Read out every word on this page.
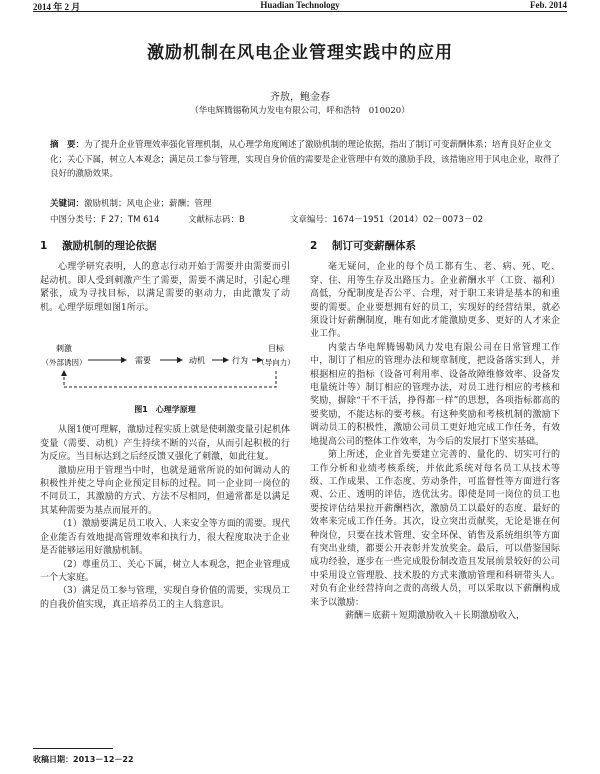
2014 年 2 月	Huadian Technology	Feb. 2014
激励机制在风电企业管理实践中的应用
齐敖，鲍金春
（华电辉腾锡勒风力发电有限公司，呼和浩特　010020）
摘　要：为了提升企业管理效率强化管理机制，从心理学角度阐述了激励机制的理论依据，指出了制订可变薪酬体系；培育良好企业文化；关心下属，树立人本观念；满足员工参与管理，实现自身价值的需要是企业管理中有效的激励手段，该措施应用于风电企业，取得了良好的激励效果。
关键词：激励机制；风电企业；薪酬；管理
中图分类号：F 27；TM 614	文献标志码：B	文章编号：1674－1951（2014）02－0073－02
1 激励机制的理论依据

心理学研究表明，人的意志行动开始于需要并由需要而引起动机。即人受到刺激产生了需要，需要不满足时，引起心理紧张，成为寻找目标，以满足需要的驱动力，由此激发了动机。心理学原理如图1所示。

刺激
（外部诱因）	需要	动机	行为
目标
（导向力）
图1　心理学原理

从图1便可理解，激励过程实质上就是使刺激变量引起机体变量（需要、动机）产生持续不断的兴奋，从而引起积极的行为反应。当目标达到之后经反馈又强化了刺激，如此往复。

激励应用于管理当中时，也就是通常所说的如何调动人的积极性并使之导向企业预定目标的过程。同一企业同一岗位的不同员工，其激励的方式、方法不尽相同，但通常都是以满足其某种需要为基点而展开的。

（1）激励要满足员工收入、人来安全等方面的需要。现代企业能否有效地提高管理效率和执行力，很大程度取决于企业是否能够运用好激励机制。

（2）尊重员工、关心下属，树立人本观念，把企业管理成一个大家庭。

（3）满足员工参与管理，实现自身价值的需要，实现员工的自我价值实现，真正培养员工的主人翁意识。

2 制订可变薪酬体系

毫无疑问，企业的每个员工都有生、老、病、死、吃、穿、住、用等生存及出路压力。企业薪酬水平（工资、福利）高低，分配制度是否公平、合理，对于职工来讲是基本的和重要的需要。企业要想拥有好的员工，实现好的经营结果，就必须设计好薪酬制度，唯有如此才能激励更多、更好的人才来企业工作。

内蒙古华电辉腾锡勒风力发电有限公司在日常管理工作中，制订了相应的管理办法和规章制度，把设备落实到人，并根据相应的指标（设备可利用率、设备故障维修效率、设备发电量统计等）制订相应的管理办法，对员工进行相应的考核和奖励，摒除“干不干活，挣得都一样”的思想，各项指标都高的要奖励，不能达标的要考核。有这种奖励和考核机制的激励下调动员工的积极性，激励公司员工更好地完成工作任务，有效地提高公司的整体工作效率，为今后的发展打下坚实基础。

第上所述，企业首先要建立完善的、量化的、切实可行的工作分析和业绩考核系统，并依此系统对每名员工从技术等级、工作成果、工作态度、劳动条件，可监督性等方面进行客观、公正、透明的评估，选优汰劣。即使是同一岗位的员工也要按评估结果拉开薪酬档次，激励员工以最好的态度、最好的效率来完成工作任务。其次，设立突出贡献奖，无论是谁在何种岗位，只要在技术管理、安全环保、销售及系统组织等方面有突出业绩，都要公开表彰并发放奖金。最后，可以借鉴国际成功经验，逐步在一些完成股份制改造且发展前景较好的公司中采用设立管理股、技术股的方式来激励管理和科研带头人。对负有企业经营持向之责的高级人员，可以采取以下薪酬构成来予以激励：

薪酬＝底薪＋短期激励收入＋长期激励收入，

收稿日期：2013－12－22
